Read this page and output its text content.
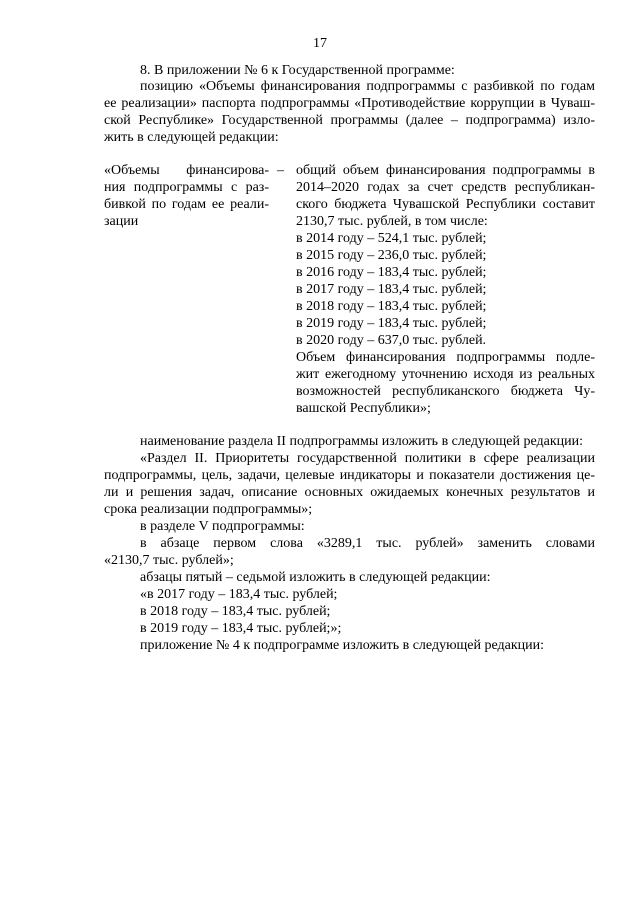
17
8. В приложении № 6 к Государственной программе:
позицию «Объемы финансирования подпрограммы с разбивкой по годам
ее реализации» паспорта подпрограммы «Противодействие коррупции в Чуваш-
ской Республике» Государственной программы (далее – подпрограмма) изло-
жить в следующей редакции:
«Объемы финансирова-
ния подпрограммы с раз-
бивкой по годам ее реали-
зации
– общий объем финансирования подпрограммы в
2014–2020 годах за счет средств республикан-
ского бюджета Чувашской Республики составит
2130,7 тыс. рублей, в том числе:
в 2014 году – 524,1 тыс. рублей;
в 2015 году – 236,0 тыс. рублей;
в 2016 году – 183,4 тыс. рублей;
в 2017 году – 183,4 тыс. рублей;
в 2018 году – 183,4 тыс. рублей;
в 2019 году – 183,4 тыс. рублей;
в 2020 году – 637,0 тыс. рублей.
Объем финансирования подпрограммы подле-
жит ежегодному уточнению исходя из реальных
возможностей республиканского бюджета Чу-
вашской Республики»;
наименование раздела II подпрограммы изложить в следующей редакции:
«Раздел II. Приоритеты государственной политики в сфере реализации
подпрограммы, цель, задачи, целевые индикаторы и показатели достижения це-
ли и решения задач, описание основных ожидаемых конечных результатов и
срока реализации подпрограммы»;
в разделе V подпрограммы:
в абзаце первом слова «3289,1 тыс. рублей» заменить словами
«2130,7 тыс. рублей»;
абзацы пятый – седьмой изложить в следующей редакции:
«в 2017 году – 183,4 тыс. рублей;
в 2018 году – 183,4 тыс. рублей;
в 2019 году – 183,4 тыс. рублей;»;
приложение № 4 к подпрограмме изложить в следующей редакции:
